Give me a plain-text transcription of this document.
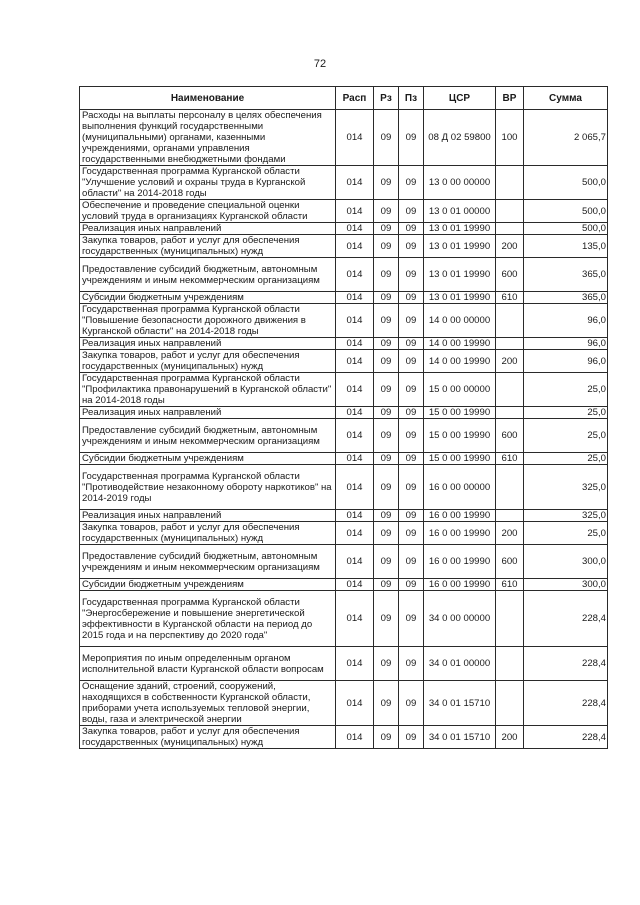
72
Наименование	Расп	Рз	Пз	ЦСР	ВР	Сумма
Расходы на выплаты персоналу в целях обеспечения выполнения функций государственными (муниципальными) органами, казенными учреждениями, органами управления государственными внебюджетными фондами	014	09	09	08 Д 02 59800	100	2 065,7
Государственная программа Курганской области "Улучшение условий и охраны труда в Курганской области" на 2014-2018 годы	014	09	09	13 0 00 00000		500,0
Обеспечение и проведение специальной оценки условий труда в организациях Курганской области	014	09	09	13 0 01 00000		500,0
Реализация иных направлений	014	09	09	13 0 01 19990		500,0
Закупка товаров, работ и услуг для обеспечения государственных (муниципальных) нужд	014	09	09	13 0 01 19990	200	135,0
Предоставление субсидий бюджетным, автономным учреждениям и иным некоммерческим организациям	014	09	09	13 0 01 19990	600	365,0
Субсидии бюджетным учреждениям	014	09	09	13 0 01 19990	610	365,0
Государственная программа Курганской области "Повышение безопасности дорожного движения в Курганской области" на 2014-2018 годы	014	09	09	14 0 00 00000		96,0
Реализация иных направлений	014	09	09	14 0 00 19990		96,0
Закупка товаров, работ и услуг для обеспечения государственных (муниципальных) нужд	014	09	09	14 0 00 19990	200	96,0
Государственная программа Курганской области "Профилактика правонарушений в Курганской области" на 2014-2018 годы	014	09	09	15 0 00 00000		25,0
Реализация иных направлений	014	09	09	15 0 00 19990		25,0
Предоставление субсидий бюджетным, автономным учреждениям и иным некоммерческим организациям	014	09	09	15 0 00 19990	600	25,0
Субсидии бюджетным учреждениям	014	09	09	15 0 00 19990	610	25,0
Государственная программа Курганской области "Противодействие незаконному обороту наркотиков" на 2014-2019 годы	014	09	09	16 0 00 00000		325,0
Реализация иных направлений	014	09	09	16 0 00 19990		325,0
Закупка товаров, работ и услуг для обеспечения государственных (муниципальных) нужд	014	09	09	16 0 00 19990	200	25,0
Предоставление субсидий бюджетным, автономным учреждениям и иным некоммерческим организациям	014	09	09	16 0 00 19990	600	300,0
Субсидии бюджетным учреждениям	014	09	09	16 0 00 19990	610	300,0
Государственная программа Курганской области "Энергосбережение и повышение энергетической эффективности в Курганской области на период до 2015 года и на перспективу до 2020 года"	014	09	09	34 0 00 00000		228,4
Мероприятия по иным определенным органом исполнительной власти Курганской области вопросам	014	09	09	34 0 01 00000		228,4
Оснащение зданий, строений, сооружений, находящихся в собственности Курганской области, приборами учета используемых тепловой энергии, воды, газа и электрической энергии	014	09	09	34 0 01 15710		228,4
Закупка товаров, работ и услуг для обеспечения государственных (муниципальных) нужд	014	09	09	34 0 01 15710	200	228,4
